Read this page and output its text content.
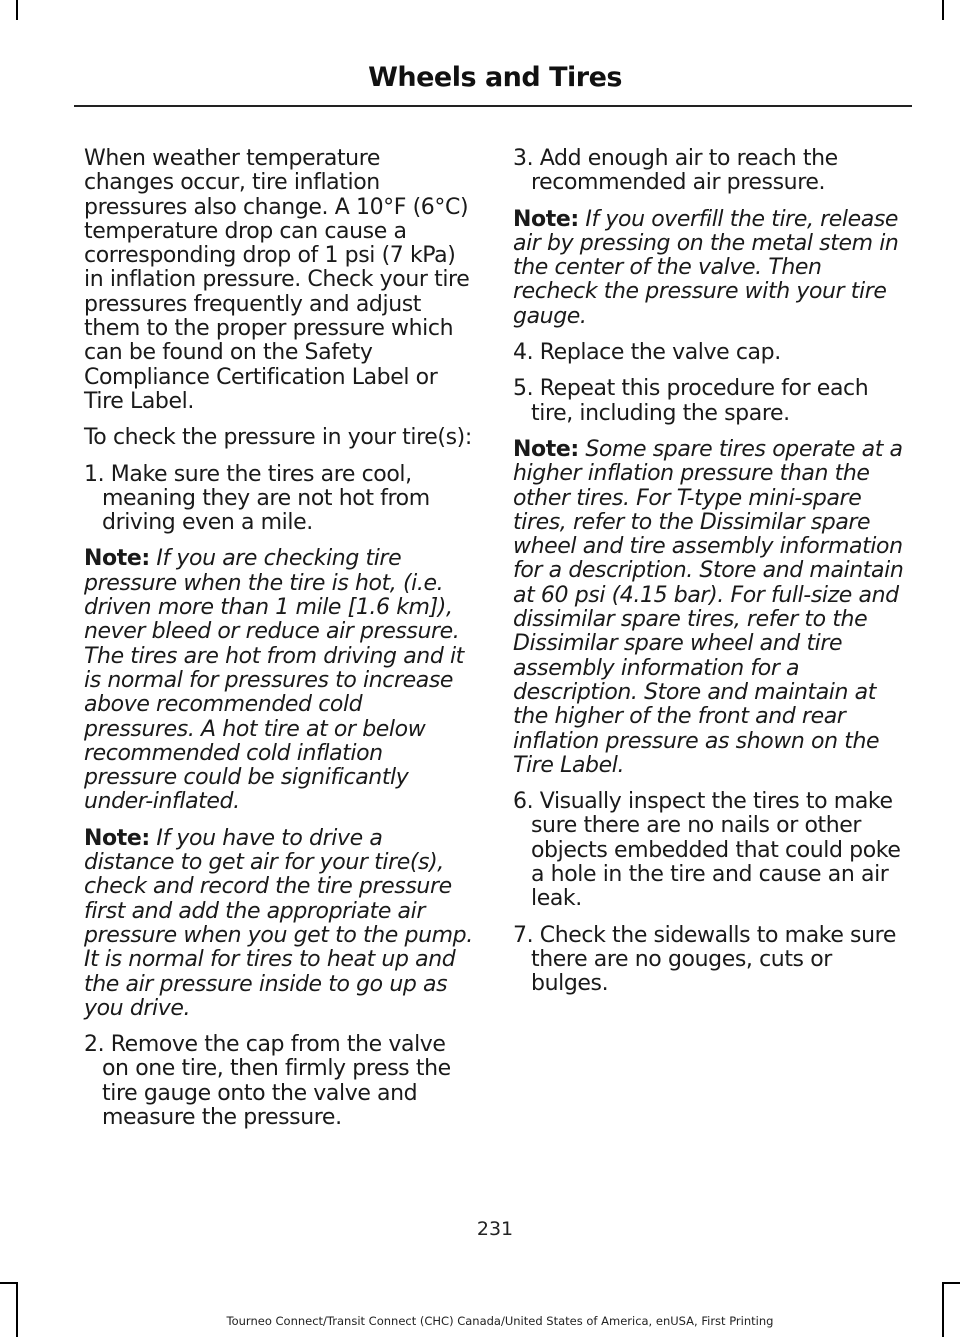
Wheels and Tires

When weather temperature changes occur, tire inflation pressures also change. A 10°F (6°C) temperature drop can cause a corresponding drop of 1 psi (7 kPa) in inflation pressure. Check your tire pressures frequently and adjust them to the proper pressure which can be found on the Safety Compliance Certification Label or Tire Label.

To check the pressure in your tire(s):

1. Make sure the tires are cool, meaning they are not hot from driving even a mile.

Note: If you are checking tire pressure when the tire is hot, (i.e. driven more than 1 mile [1.6 km]), never bleed or reduce air pressure. The tires are hot from driving and it is normal for pressures to increase above recommended cold pressures. A hot tire at or below recommended cold inflation pressure could be significantly under-inflated.

Note: If you have to drive a distance to get air for your tire(s), check and record the tire pressure first and add the appropriate air pressure when you get to the pump. It is normal for tires to heat up and the air pressure inside to go up as you drive.

2. Remove the cap from the valve on one tire, then firmly press the tire gauge onto the valve and measure the pressure.

3. Add enough air to reach the recommended air pressure.

Note: If you overfill the tire, release air by pressing on the metal stem in the center of the valve. Then recheck the pressure with your tire gauge.

4. Replace the valve cap.

5. Repeat this procedure for each tire, including the spare.

Note: Some spare tires operate at a higher inflation pressure than the other tires. For T-type mini-spare tires, refer to the Dissimilar spare wheel and tire assembly information for a description. Store and maintain at 60 psi (4.15 bar). For full-size and dissimilar spare tires, refer to the Dissimilar spare wheel and tire assembly information for a description. Store and maintain at the higher of the front and rear inflation pressure as shown on the Tire Label.

6. Visually inspect the tires to make sure there are no nails or other objects embedded that could poke a hole in the tire and cause an air leak.

7. Check the sidewalls to make sure there are no gouges, cuts or bulges.

231
Tourneo Connect/Transit Connect (CHC) Canada/United States of America, enUSA, First Printing
